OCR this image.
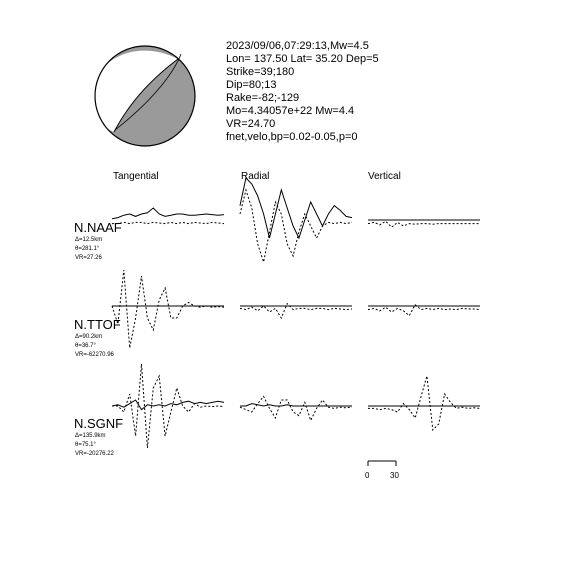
2023/09/06,07:29:13,Mw=4.5
Lon= 137.50 Lat= 35.20 Dep=5
Strike=39;180
Dip=80;13
Rake=-82;-129
Mo=4.34057e+22 Mw=4.4
VR=24.70
fnet,velo,bp=0.02-0.05,p=0
Tangential	Radial	Vertical
N.NAAF
Δ=12.5km
θ=281.1°
VR=27.26
N.TTOF
Δ=90.2km
θ=36.7°
VR=-62270.96
N.SGNF
Δ=135.9km
θ=75.1°
VR=-20276.22
0	30
